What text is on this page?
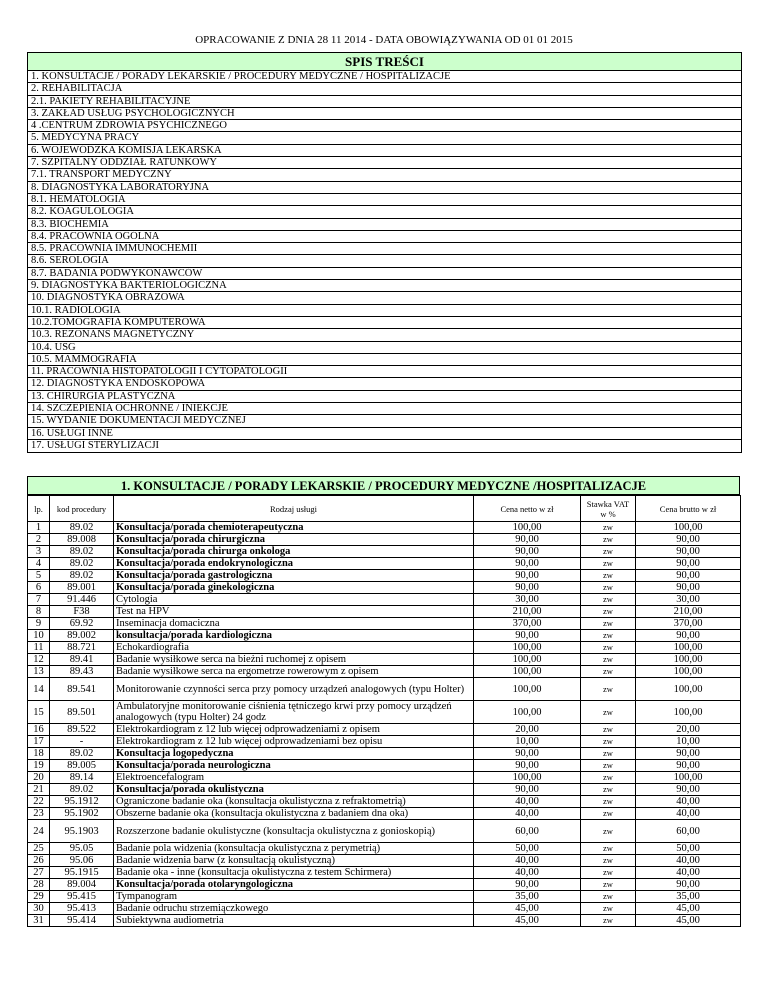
OPRACOWANIE Z DNIA 28 11 2014 - DATA OBOWIĄZYWANIA OD 01 01 2015
SPIS TREŚCI
1. KONSULTACJE / PORADY LEKARSKIE / PROCEDURY MEDYCZNE / HOSPITALIZACJE
2. REHABILITACJA
2.1. PAKIETY REHABILITACYJNE
3. ZAKŁAD USŁUG PSYCHOLOGICZNYCH
4 .CENTRUM ZDROWIA PSYCHICZNEGO
5. MEDYCYNA PRACY
6. WOJEWÓDZKA KOMISJA LEKARSKA
7. SZPITALNY ODDZIAŁ RATUNKOWY
7.1. TRANSPORT MEDYCZNY
8. DIAGNOSTYKA LABORATORYJNA
8.1. HEMATOLOGIA
8.2. KOAGULOLOGIA
8.3. BIOCHEMIA
8.4. PRACOWNIA OGÓLNA
8.5. PRACOWNIA IMMUNOCHEMII
8.6. SEROLOGIA
8.7. BADANIA PODWYKONAWCÓW
9. DIAGNOSTYKA BAKTERIOLOGICZNA
10. DIAGNOSTYKA OBRAZOWA
10.1. RADIOLOGIA
10.2.TOMOGRAFIA KOMPUTEROWA
10.3. REZONANS MAGNETYCZNY
10.4. USG
10.5. MAMMOGRAFIA
11. PRACOWNIA HISTOPATOLOGII I CYTOPATOLOGII
12. DIAGNOSTYKA ENDOSKOPOWA
13. CHIRURGIA PLASTYCZNA
14. SZCZEPIENIA OCHRONNE / INIEKCJE
15. WYDANIE DOKUMENTACJI MEDYCZNEJ
16. USŁUGI INNE
17. USŁUGI STERYLIZACJI
1. KONSULTACJE / PORADY LEKARSKIE / PROCEDURY MEDYCZNE /HOSPITALIZACJE
lp.	kod procedury	Rodzaj usługi	Cena netto w zł	Stawka VAT w %	Cena brutto w zł
1	89.02	Konsultacja/porada chemioterapeutyczna	100,00	zw	100,00
2	89.008	Konsultacja/porada chirurgiczna	90,00	zw	90,00
3	89.02	Konsultacja/porada chirurga onkologa	90,00	zw	90,00
4	89.02	Konsultacja/porada endokrynologiczna	90,00	zw	90,00
5	89.02	Konsultacja/porada gastrologiczna	90,00	zw	90,00
6	89.001	Konsultacja/porada ginekologiczna	90,00	zw	90,00
7	91.446	Cytologia	30,00	zw	30,00
8	F38	Test na HPV	210,00	zw	210,00
9	69.92	Inseminacja domaciczna	370,00	zw	370,00
10	89.002	konsultacja/porada kardiologiczna	90,00	zw	90,00
11	88.721	Echokardiografia	100,00	zw	100,00
12	89.41	Badanie wysiłkowe serca na bieżni ruchomej z opisem	100,00	zw	100,00
13	89.43	Badanie wysiłkowe serca na ergometrze rowerowym z opisem	100,00	zw	100,00
14	89.541	Monitorowanie czynności serca przy pomocy urządzeń analogowych (typu Holter)	100,00	zw	100,00
15	89.501	Ambulatoryjne monitorowanie ciśnienia tętniczego krwi przy pomocy urządzeń analogowych (typu Holter) 24 godz	100,00	zw	100,00
16	89.522	Elektrokardiogram z 12 lub więcej odprowadzeniami z opisem	20,00	zw	20,00
17	-	Elektrokardiogram z 12 lub więcej odprowadzeniami bez opisu	10,00	zw	10,00
18	89.02	Konsultacja logopedyczna	90,00	zw	90,00
19	89.005	Konsultacja/porada neurologiczna	90,00	zw	90,00
20	89.14	Elektroencefalogram	100,00	zw	100,00
21	89.02	Konsultacja/porada okulistyczna	90,00	zw	90,00
22	95.1912	Ograniczone badanie oka (konsultacja okulistyczna z refraktometrią)	40,00	zw	40,00
23	95.1902	Obszerne badanie oka (konsultacja okulistyczna z badaniem dna oka)	40,00	zw	40,00
24	95.1903	Rozszerzone badanie okulistyczne (konsultacja okulistyczna z gonioskopią)	60,00	zw	60,00
25	95.05	Badanie pola widzenia (konsultacja okulistyczna z perymetrią)	50,00	zw	50,00
26	95.06	Badanie widzenia barw (z konsultacją okulistyczną)	40,00	zw	40,00
27	95.1915	Badanie oka - inne (konsultacja okulistyczna z testem Schirmera)	40,00	zw	40,00
28	89.004	Konsultacja/porada otolaryngologiczna	90,00	zw	90,00
29	95.415	Tympanogram	35,00	zw	35,00
30	95.413	Badanie odruchu strzemiączkowego	45,00	zw	45,00
31	95.414	Subiektywna audiometria	45,00	zw	45,00
